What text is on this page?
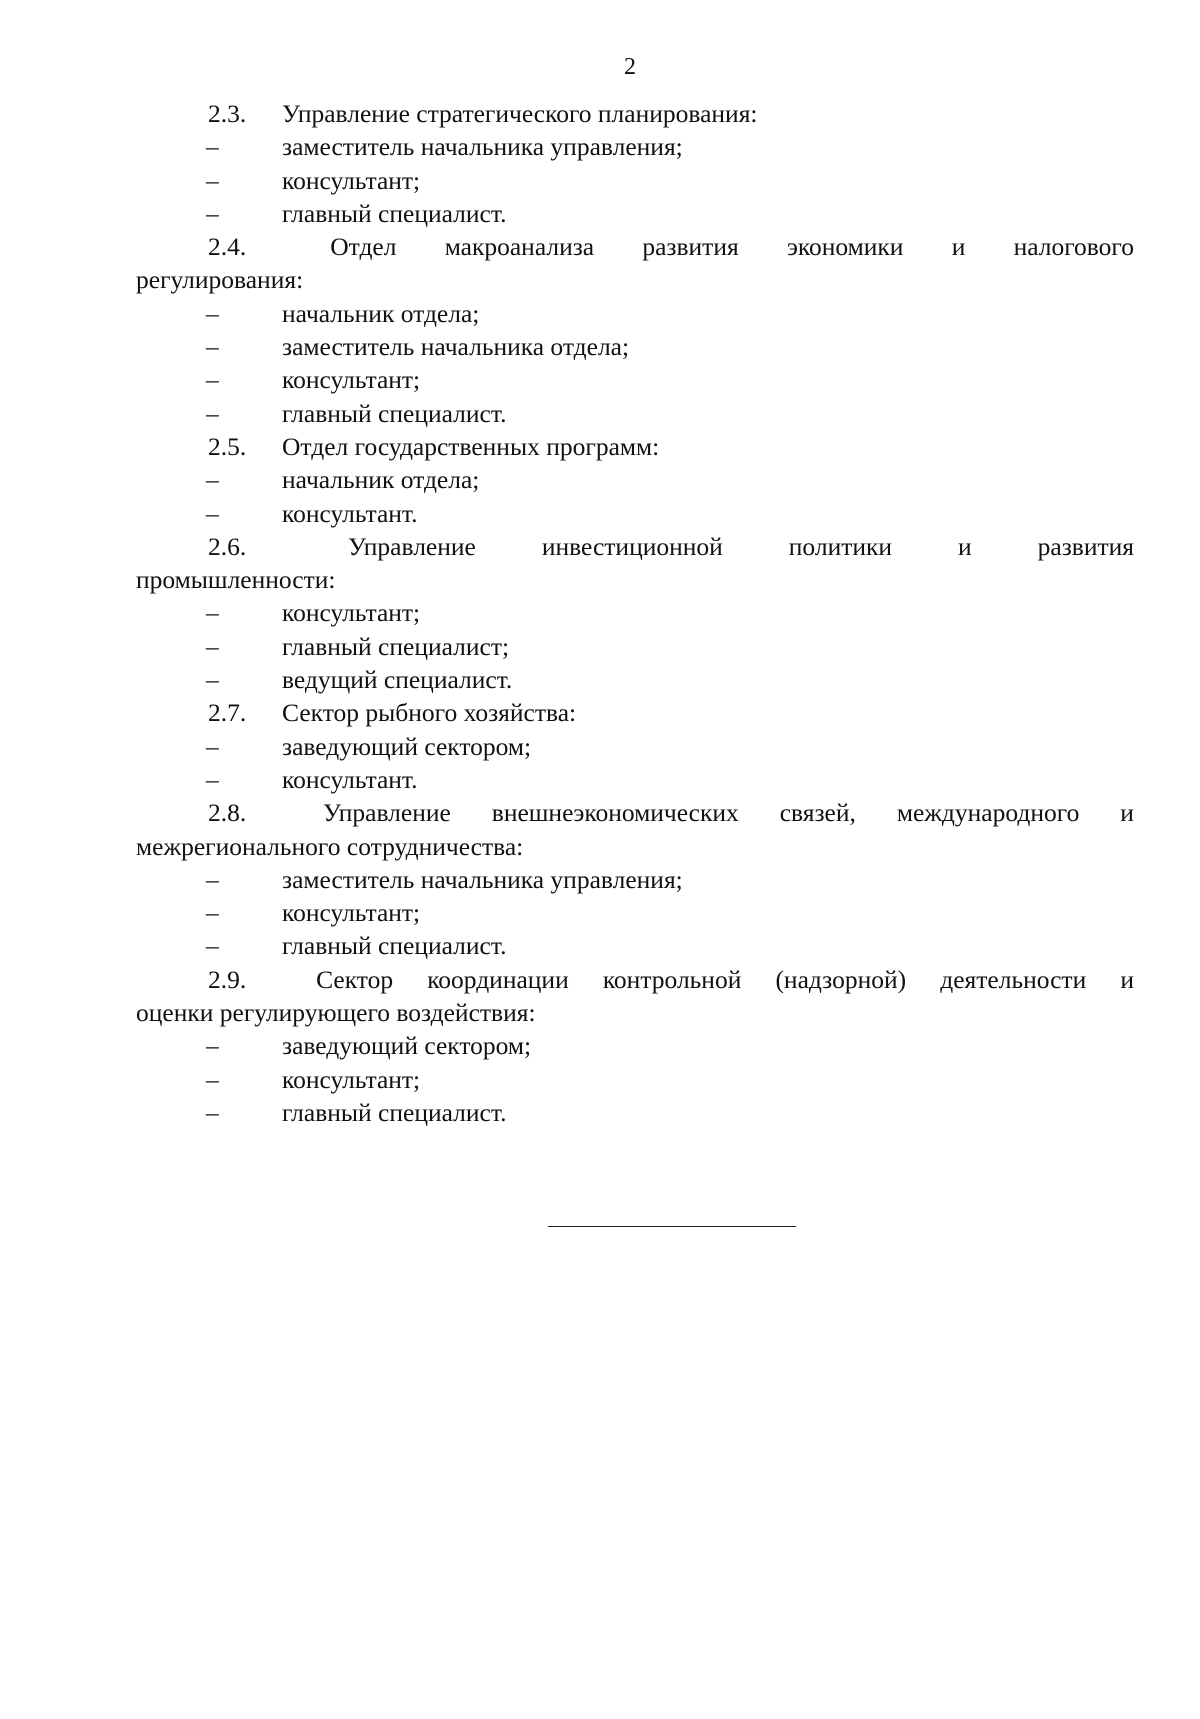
2
2.3.	Управление стратегического планирования:
– заместитель начальника управления;
– консультант;
– главный специалист.
2.4.	Отдел макроанализа развития экономики и налогового
регулирования:
– начальник отдела;
– заместитель начальника отдела;
– консультант;
– главный специалист.
2.5.	Отдел государственных программ:
– начальник отдела;
– консультант.
2.6.	Управление	инвестиционной	политики	и	развития
промышленности:
– консультант;
– главный специалист;
– ведущий специалист.
2.7.	Сектор рыбного хозяйства:
– заведующий сектором;
– консультант.
2.8.	Управление внешнеэкономических связей, международного и
межрегионального сотрудничества:
– заместитель начальника управления;
– консультант;
– главный специалист.
2.9.	Сектор координации контрольной (надзорной) деятельности и
оценки регулирующего воздействия:
– заведующий сектором;
– консультант;
– главный специалист.
